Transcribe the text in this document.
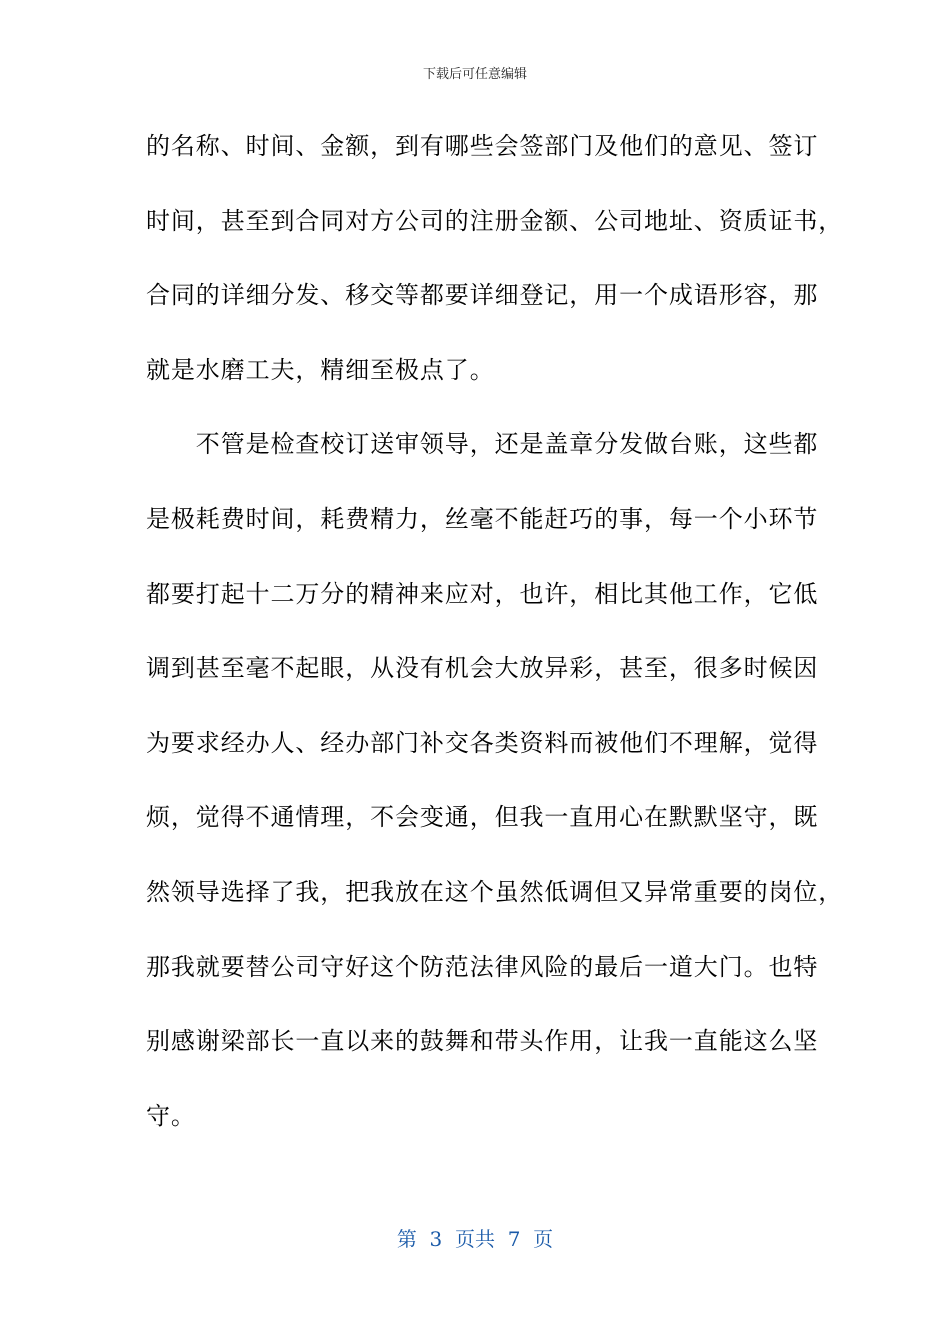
下载后可任意编辑
的名称、时间、金额，到有哪些会签部门及他们的意见、签订
时间，甚至到合同对方公司的注册金额、公司地址、资质证书，
合同的详细分发、移交等都要详细登记，用一个成语形容，那
就是水磨工夫，精细至极点了。
　　不管是检查校订送审领导，还是盖章分发做台账，这些都
是极耗费时间，耗费精力，丝毫不能赶巧的事，每一个小环节
都要打起十二万分的精神来应对，也许，相比其他工作，它低
调到甚至毫不起眼，从没有机会大放异彩，甚至，很多时候因
为要求经办人、经办部门补交各类资料而被他们不理解，觉得
烦，觉得不通情理，不会变通，但我一直用心在默默坚守，既
然领导选择了我，把我放在这个虽然低调但又异常重要的岗位，
那我就要替公司守好这个防范法律风险的最后一道大门。也特
别感谢梁部长一直以来的鼓舞和带头作用，让我一直能这么坚
守。
第  3  页共  7  页
